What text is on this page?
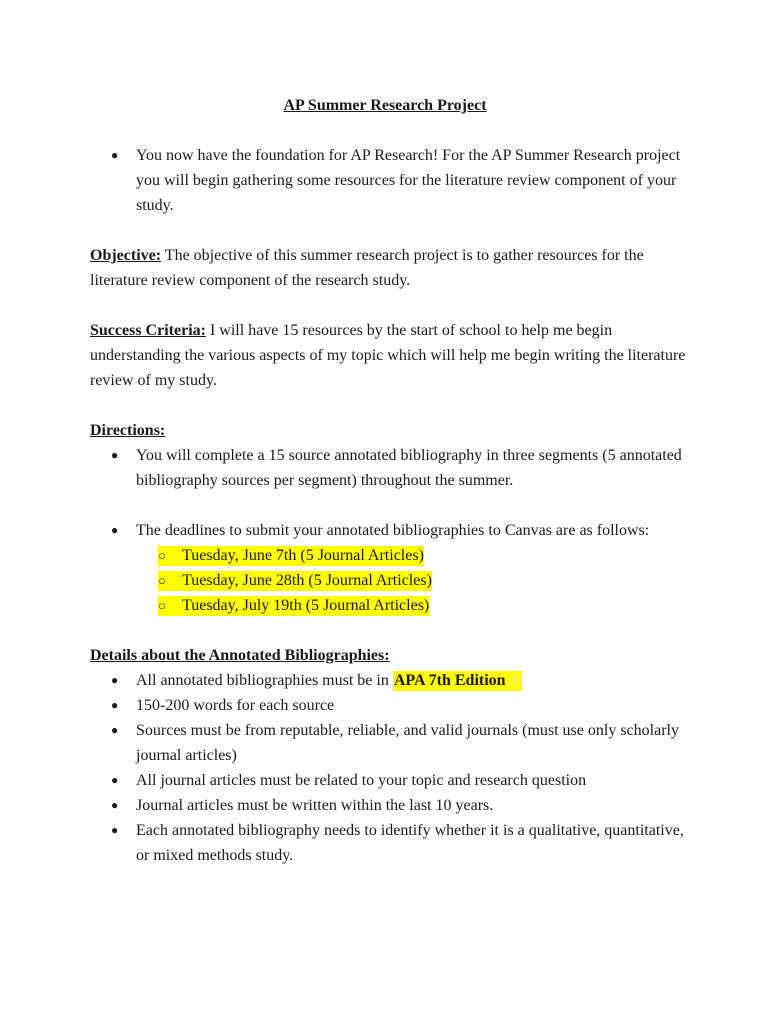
AP Summer Research Project
● You now have the foundation for AP Research! For the AP Summer Research project you will begin gathering some resources for the literature review component of your study.

Objective: The objective of this summer research project is to gather resources for the literature review component of the research study.

Success Criteria: I will have 15 resources by the start of school to help me begin understanding the various aspects of my topic which will help me begin writing the literature review of my study.

Directions:

● You will complete a 15 source annotated bibliography in three segments (5 annotated bibliography sources per segment) throughout the summer.
● The deadlines to submit your annotated bibliographies to Canvas are as follows:
○ Tuesday, June 7th (5 Journal Articles)
○ Tuesday, June 28th (5 Journal Articles)
○ Tuesday, July 19th (5 Journal Articles)

Details about the Annotated Bibliographies:

● All annotated bibliographies must be in APA 7th Edition A
● 150-200 words for each source
● Sources must be from reputable, reliable, and valid journals (must use only scholarly journal articles)
● All journal articles must be related to your topic and research question
● Journal articles must be written within the last 10 years.
● Each annotated bibliography needs to identify whether it is a qualitative, quantitative, or mixed methods study.
